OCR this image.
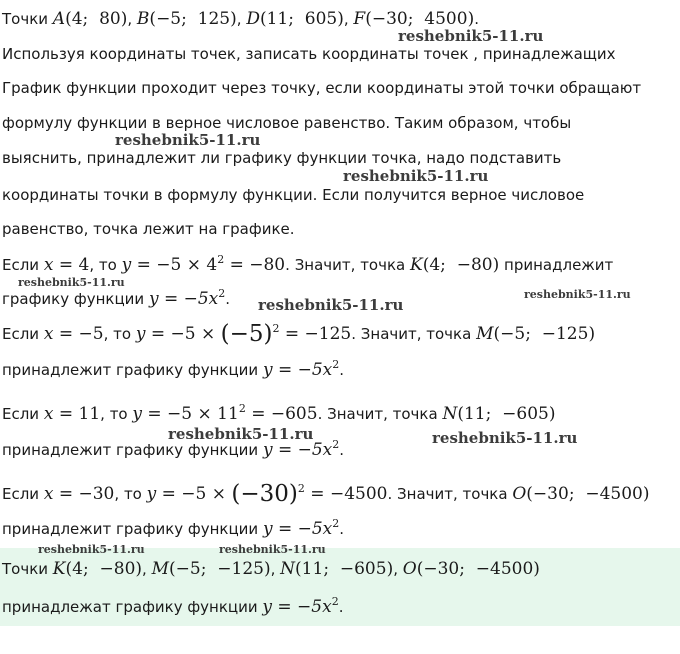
Точки A(4;  80), B(−5;  125), D(11;  605), F(−30;  4500).
Используя координаты точек, записать координаты точек , принадлежащих
График функции проходит через точку, если координаты этой точки обращают
формулу функции в верное числовое равенство. Таким образом, чтобы
выяснить, принадлежит ли графику функции точка, надо подставить
координаты точки в формулу функции. Если получится верное числовое
равенство, точка лежит на графике.
Если x = 4, то $y = -5 \times 4^2 = -80$. Значит, точка K(4;  −80) принадлежит
графику функции $y = -5x^2$.
Если x = −5, то $y = -5 \times (-5)^2 = -125$. Значит, точка M(−5;  −125)
принадлежит графику функции $y = -5x^2$.
Если x = 11, то $y = -5 \times 11^2 = -605$. Значит, точка N(11;  −605)
принадлежит графику функции $y = -5x^2$.
Если x = −30, то $y = -5 \times (-30)^2 = -4500$. Значит, точка O(−30;  −4500)
принадлежит графику функции $y = -5x^2$.
Точки K(4;  −80), M(−5;  −125), N(11;  −605), O(−30;  −4500)
принадлежат графику функции $y = -5x^2$.
reshebnik5-11.ru
reshebnik5-11.ru
reshebnik5-11.ru
reshebnik5-11.ru
reshebnik5-11.ru
reshebnik5-11.ru
reshebnik5-11.ru	reshebnik5-11.ru
reshebnik5-11.ru	reshebnik5-11.ru
